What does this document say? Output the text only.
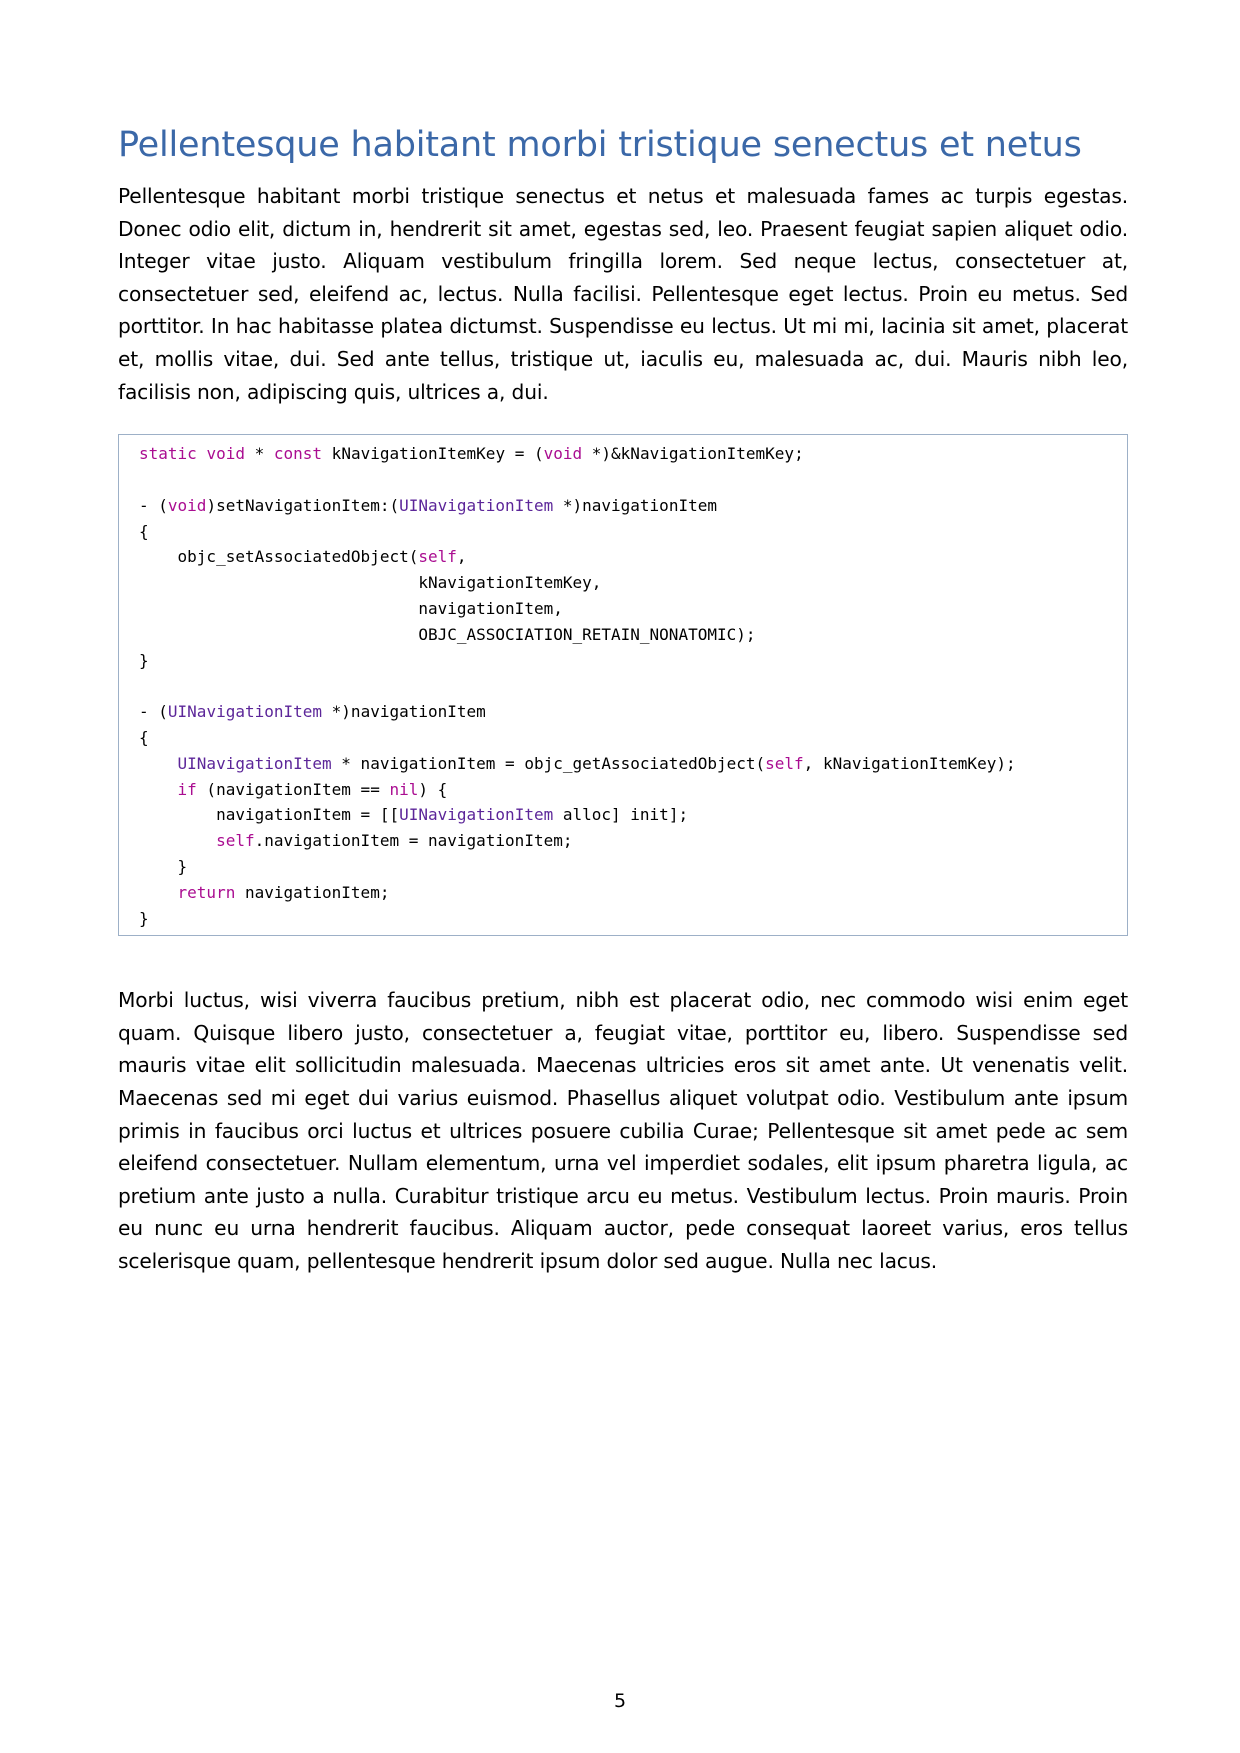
Pellentesque habitant morbi tristique senectus et netus

Pellentesque habitant morbi tristique senectus et netus et malesuada fames ac turpis egestas. Donec odio elit, dictum in, hendrerit sit amet, egestas sed, leo. Praesent feugiat sapien aliquet odio. Integer vitae justo. Aliquam vestibulum fringilla lorem. Sed neque lectus, consectetuer at, consectetuer sed, eleifend ac, lectus. Nulla facilisi. Pellentesque eget lectus. Proin eu metus. Sed porttitor. In hac habitasse platea dictumst. Suspendisse eu lectus. Ut mi mi, lacinia sit amet, placerat et, mollis vitae, dui. Sed ante tellus, tristique ut, iaculis eu, malesuada ac, dui. Mauris nibh leo, facilisis non, adipiscing quis, ultrices a, dui.

static void * const kNavigationItemKey = (void *)&kNavigationItemKey;

- (void)setNavigationItem:(UINavigationItem *)navigationItem
{
objc_setAssociatedObject(self,
kNavigationItemKey,
navigationItem,
OBJC_ASSOCIATION_RETAIN_NONATOMIC);
}

- (UINavigationItem *)navigationItem
{
UINavigationItem * navigationItem = objc_getAssociatedObject(self, kNavigationItemKey);
if (navigationItem == nil) {
navigationItem = [[UINavigationItem alloc] init];
self.navigationItem = navigationItem;
}
return navigationItem;
}

Morbi luctus, wisi viverra faucibus pretium, nibh est placerat odio, nec commodo wisi enim eget quam. Quisque libero justo, consectetuer a, feugiat vitae, porttitor eu, libero. Suspendisse sed mauris vitae elit sollicitudin malesuada. Maecenas ultricies eros sit amet ante. Ut venenatis velit. Maecenas sed mi eget dui varius euismod. Phasellus aliquet volutpat odio. Vestibulum ante ipsum primis in faucibus orci luctus et ultrices posuere cubilia Curae; Pellentesque sit amet pede ac sem eleifend consectetuer. Nullam elementum, urna vel imperdiet sodales, elit ipsum pharetra ligula, ac pretium ante justo a nulla. Curabitur tristique arcu eu metus. Vestibulum lectus. Proin mauris. Proin eu nunc eu urna hendrerit faucibus. Aliquam auctor, pede consequat laoreet varius, eros tellus scelerisque quam, pellentesque hendrerit ipsum dolor sed augue. Nulla nec lacus.

5
